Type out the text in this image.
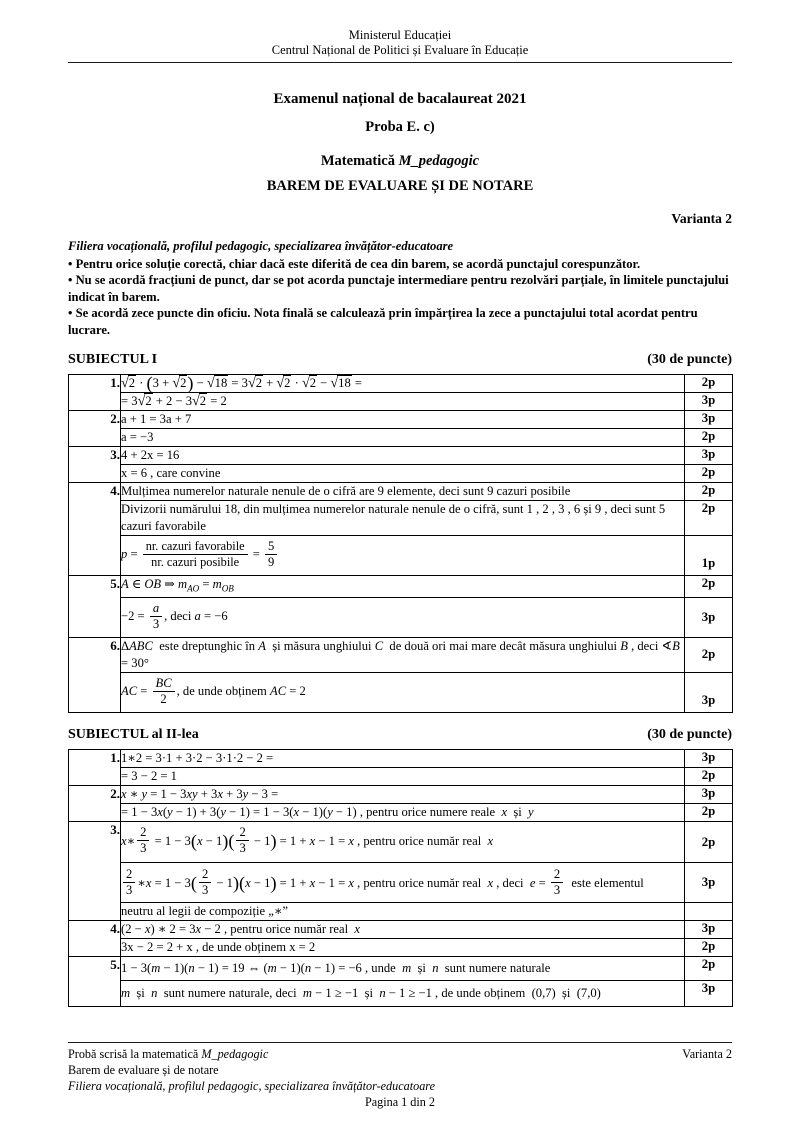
Ministerul Educației
Centrul Național de Politici și Evaluare în Educație
Examenul național de bacalaureat 2021
Proba E. c)
Matematică M_pedagogic
BAREM DE EVALUARE ȘI DE NOTARE
Varianta 2
Filiera vocațională, profilul pedagogic, specializarea învățător-educatoare

• Pentru orice soluție corectă, chiar dacă este diferită de cea din barem, se acordă punctajul corespunzător.

• Nu se acordă fracțiuni de punct, dar se pot acorda punctaje intermediare pentru rezolvări parțiale, în limitele punctajului indicat în barem.

• Se acordă zece puncte din oficiu. Nota finală se calculează prin împărțirea la zece a punctajului total acordat pentru lucrare.

SUBIECTUL I	(30 de puncte)
1.	√2 · (3 + √2) − √18 = 3√2 + √2 · √2 − √18 =	2p
	= 3√2 + 2 − 3√2 = 2	3p
2.	a + 1 = 3a + 7	3p
	a = −3	2p
3.	4 + 2x = 16	3p
	x = 6 , care convine	2p
4.	Mulțimea numerelor naturale nenule de o cifră are 9 elemente, deci sunt 9 cazuri posibile	2p
	Divizorii numărului 18, din mulțimea numerelor naturale nenule de o cifră, sunt 1 , 2 , 3 , 6 și 9 , deci sunt 5 cazuri favorabile	2p
$p = \frac{\text{nr. cazuri favorabile}}{\text{nr. cazuri posibile}} = \frac{5}{9}$	1p
5.	A ∈ OB ⇒ $m_{AO} = m_{OB}$	2p
	$-2 = \frac{a}{3}$ , deci a = −6	3p
6.	ΔABC este dreptunghic în A și măsura unghiului C de două ori mai mare decât măsura unghiului B , deci ∢B = 30°	2p
	AC = $\frac{BC}{2}$ , de unde obținem AC = 2	3p
SUBIECTUL al II-lea	(30 de puncte)
1.	1∗2 = 3·1 + 3·2 − 3·1·2 − 2 =	3p
	= 3 − 2 = 1	2p
2.	x ∗ y = 1 − 3xy + 3x + 3y − 3 =	3p
	= 1 − 3x(y − 1) + 3(y − 1) = 1 − 3(x − 1)(y − 1) , pentru orice numere reale  x  și  y	2p
3.	x∗ $\frac{2}{3} = 1 - 3(x - 1)( \frac{2}{3} - 1) = 1 + x - 1 = x$ , pentru orice număr real  x	2p

$\frac{2}{3}$ ∗x = $1 - 3( \frac{2}{3} - 1)(x - 1) = 1 + x - 1 = x$ , pentru orice număr real  x , deci  $e = \frac{2}{3}$ este elementul	3p
	neutru al legii de compoziție „∗”	
4.	(2 − x) ∗ 2 = 3x − 2 , pentru orice număr real  x	3p
	3x − 2 = 2 + x , de unde obținem x = 2	2p
5.	1 − 3(m − 1)(n − 1) = 19 ⇔ (m − 1)(n − 1) = −6 , unde  m  și  n  sunt numere naturale	2p
	m  și  n  sunt numere naturale, deci  m − 1 ≥ −1  și  n − 1 ≥ −1 , de unde obținem  (0,7)  și  (7,0)	3p
Probă scrisă la matematică M_pedagogic	Varianta 2
Barem de evaluare și de notare
Filiera vocațională, profilul pedagogic, specializarea învățător-educatoare
Pagina 1 din 2
